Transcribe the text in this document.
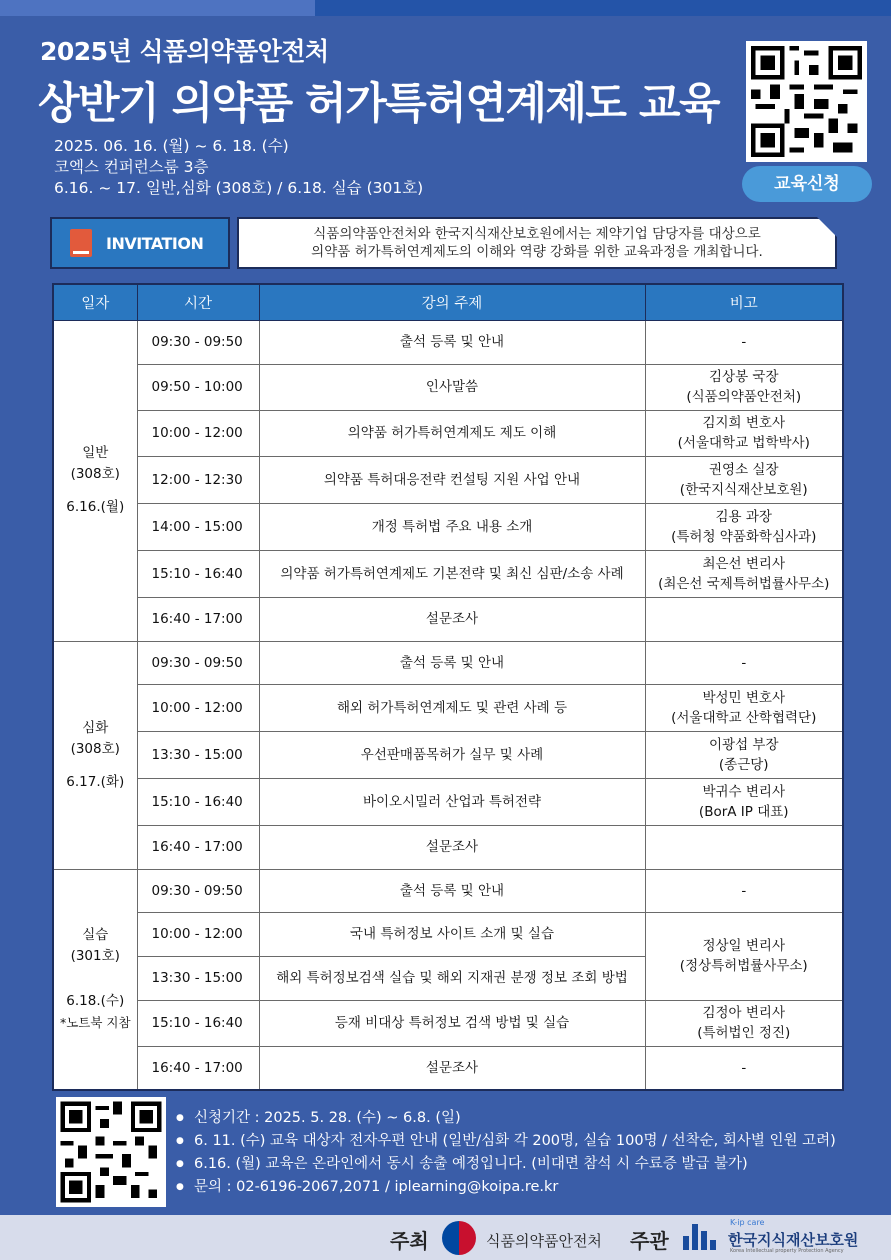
2025년 식품의약품안전처
상반기 의약품 허가특허연계제도 교육
2025. 06. 16. (월) ~ 6. 18. (수)
코엑스 컨퍼런스룸 3층
6.16. ~ 17. 일반,심화 (308호) / 6.18. 실습 (301호)	교육신청
INVITATION	식품의약품안전처와 한국지식재산보호원에서는 제약기업 담당자를 대상으로
의약품 허가특허연계제도의 이해와 역량 강화를 위한 교육과정을 개최합니다.
일자	시간	강의 주제	비고

일반
(308호)
6.16.(월)	09:30 - 09:50	출석 등록 및 안내	-

	09:50 - 10:00	인사말씀	김상봉 국장
(식품의약품안전처)

	10:00 - 12:00	의약품 허가특허연계제도 제도 이해	김지희 변호사
(서울대학교 법학박사)

	12:00 - 12:30	의약품 특허대응전략 컨설팅 지원 사업 안내	권영소 실장
(한국지식재산보호원)

	14:00 - 15:00	개정 특허법 주요 내용 소개	김용 과장
(특허청 약품화학심사과)

	15:10 - 16:40	의약품 허가특허연계제도 기본전략 및 최신 심판/소송 사례	최은선 변리사
(최은선 국제특허법률사무소)

	16:40 - 17:00	설문조사	

심화
(308호)
6.17.(화)	09:30 - 09:50	출석 등록 및 안내	-

	10:00 - 12:00	해외 허가특허연계제도 및 관련 사례 등	박성민 변호사
(서울대학교 산학협력단)

	13:30 - 15:00	우선판매품목허가 실무 및 사례	이광섭 부장
(종근당)

	15:10 - 16:40	바이오시밀러 산업과 특허전략	박귀수 변리사
(BorA IP 대표)

	16:40 - 17:00	설문조사	

실습
(301호)
6.18.(수)
*노트북 지참	09:30 - 09:50	출석 등록 및 안내	-

	10:00 - 12:00	국내 특허정보 사이트 소개 및 실습	정상일 변리사
(정상특허법률사무소)

	13:30 - 15:00	해외 특허정보검색 실습 및 해외 지재권 분쟁 정보 조회 방법	
	15:10 - 16:40	등재 비대상 특허정보 검색 방법 및 실습	김정아 변리사
(특허법인 정진)

	16:40 - 17:00	설문조사	-
● 신청기간 : 2025. 5. 28. (수) ~ 6.8. (일)
● 6. 11. (수) 교육 대상자 전자우편 안내 (일반/심화 각 200명, 실습 100명 / 선착순, 회사별 인원 고려)
● 6.16. (월) 교육은 온라인에서 동시 송출 예정입니다. (비대면 참석 시 수료증 발급 불가)
● 문의 : 02-6196-2067,2071 / iplearning@koipa.re.kr
주최	식품의약품안전처 주관
K-ip care
한국지식재산보호원
Korea Intellectual property Protection Agency
